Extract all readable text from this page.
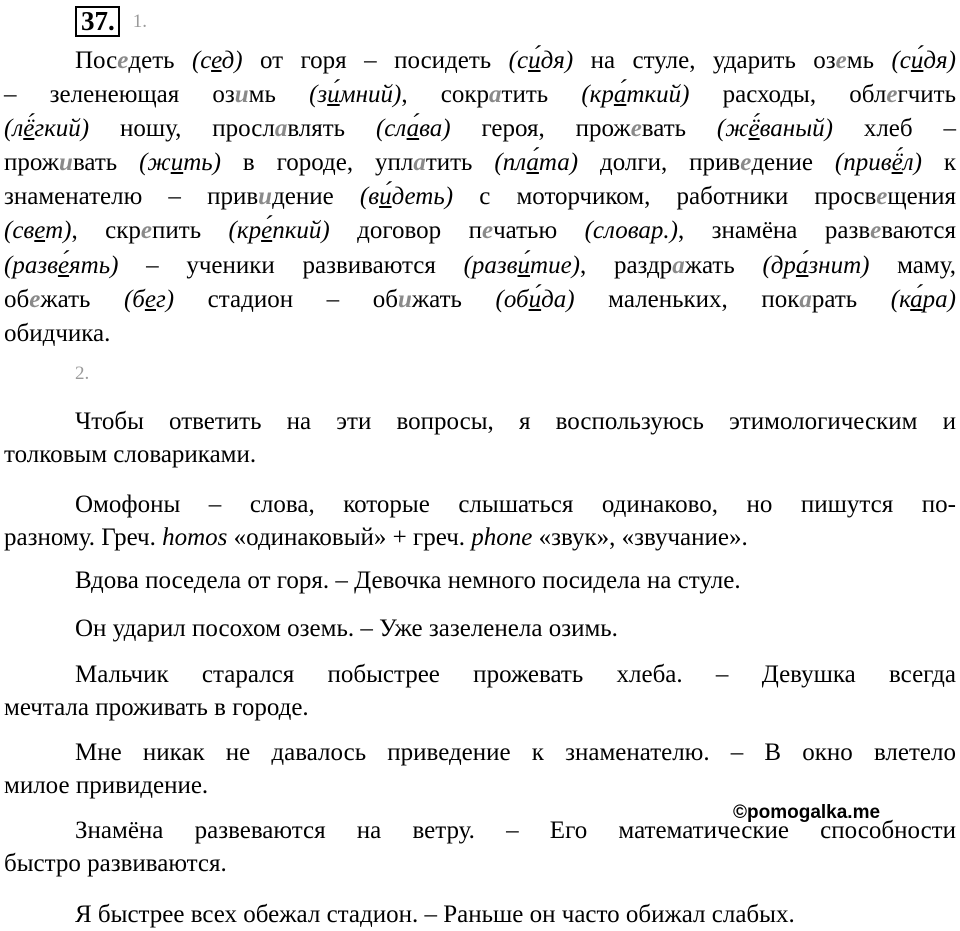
37. 1.
Поседеть (сед) от горя – посидеть (си́дя) на стуле, ударить оземь (си́дя)
– зеленеющая озимь (зи́мний), сократить (кра́ткий) расходы, облегчить
(лё́гкий) ношу, прославлять (сла́ва) героя, прожевать (жё́ваный) хлеб –
проживать (жить) в городе, уплатить (пла́та) долги, приведение (привё́л) к
знаменателю – привидение (ви́деть) с моторчиком, работники просвещения
(свет), скрепить (кре́пкий) договор печатью (словар.), знамёна развеваются
(разве́ять) – ученики развиваются (разви́тие), раздражать (дра́знит) маму,
обежать (бег) стадион – обижать (оби́да) маленьких, покарать (ка́ра)
обидчика.
2.
Чтобы ответить на эти вопросы, я воспользуюсь этимологическим и
толковым словариками.
Омофоны – слова, которые слышаться одинаково, но пишутся по-
разному. Греч. homos «одинаковый» + греч. phone «звук», «звучание».
Вдова поседела от горя. – Девочка немного посидела на стуле.
Он ударил посохом оземь. – Уже зазеленела озимь.
Мальчик старался побыстрее прожевать хлеба. – Девушка всегда
мечтала проживать в городе.
Мне никак не давалось приведение к знаменателю. – В окно влетело
милое привидение.
Знамёна развеваются на ветру. – Его математические способности
быстро развиваются.
Я быстрее всех обежал стадион. – Раньше он часто обижал слабых.
©pomogalka.me
